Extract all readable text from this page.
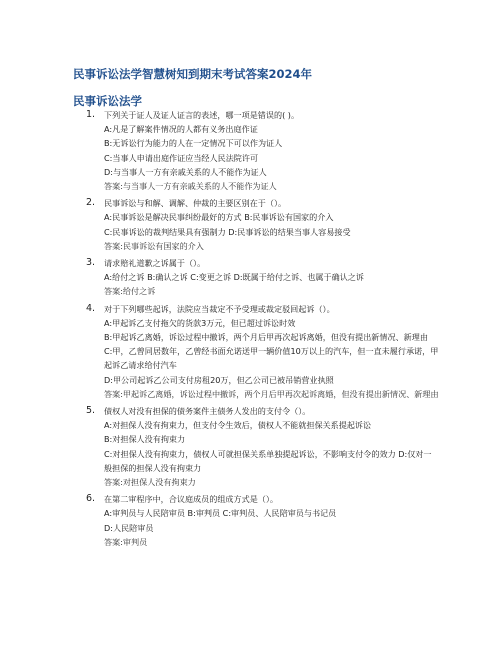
民事诉讼法学智慧树知到期末考试答案2024年
民事诉讼法学
1. 下列关于证人及证人证言的表述，哪一项是错误的( )。

A:凡是了解案件情况的人都有义务出庭作证

B:无诉讼行为能力的人在一定情况下可以作为证人

C:当事人申请出庭作证应当经人民法院许可

D:与当事人一方有亲戚关系的人不能作为证人

答案:与当事人一方有亲戚关系的人不能作为证人

2. 民事诉讼与和解、调解、仲裁的主要区别在于（）。

A:民事诉讼是解决民事纠纷最好的方式 B:民事诉讼有国家的介入

C:民事诉讼的裁判结果具有强制力 D:民事诉讼的结果当事人容易接受

答案:民事诉讼有国家的介入

3. 请求赔礼道歉之诉属于（）。

A:给付之诉 B:确认之诉 C:变更之诉 D:既属于给付之诉、也属于确认之诉

答案:给付之诉

4. 对于下列哪些起诉，法院应当裁定不予受理或裁定驳回起诉（）。

A:甲起诉乙支付拖欠的货款3万元，但已超过诉讼时效

B:甲起诉乙离婚，诉讼过程中撤诉，两个月后甲再次起诉离婚，但没有提出新情况、新理由

C:甲，乙曾同居数年，乙曾经书面允诺送甲一辆价值10万以上的汽车，但一直未履行承诺，甲起诉乙请求给付汽车

D:甲公司起诉乙公司支付房租20万，但乙公司已被吊销营业执照

答案:甲起诉乙离婚，诉讼过程中撤诉，两个月后甲再次起诉离婚，但没有提出新情况、新理由

5. 债权人对没有担保的债务案件主债务人发出的支付令（）。

A:对担保人没有拘束力，但支付令生效后，债权人不能就担保关系提起诉讼

B:对担保人没有拘束力

C:对担保人没有拘束力，债权人可就担保关系单独提起诉讼，不影响支付令的效力 D:仅对一般担保的担保人没有拘束力

答案:对担保人没有拘束力

6. 在第二审程序中，合议庭成员的组成方式是（）。

A:审判员与人民陪审员 B:审判员 C:审判员、人民陪审员与书记员

D:人民陪审员

答案:审判员
